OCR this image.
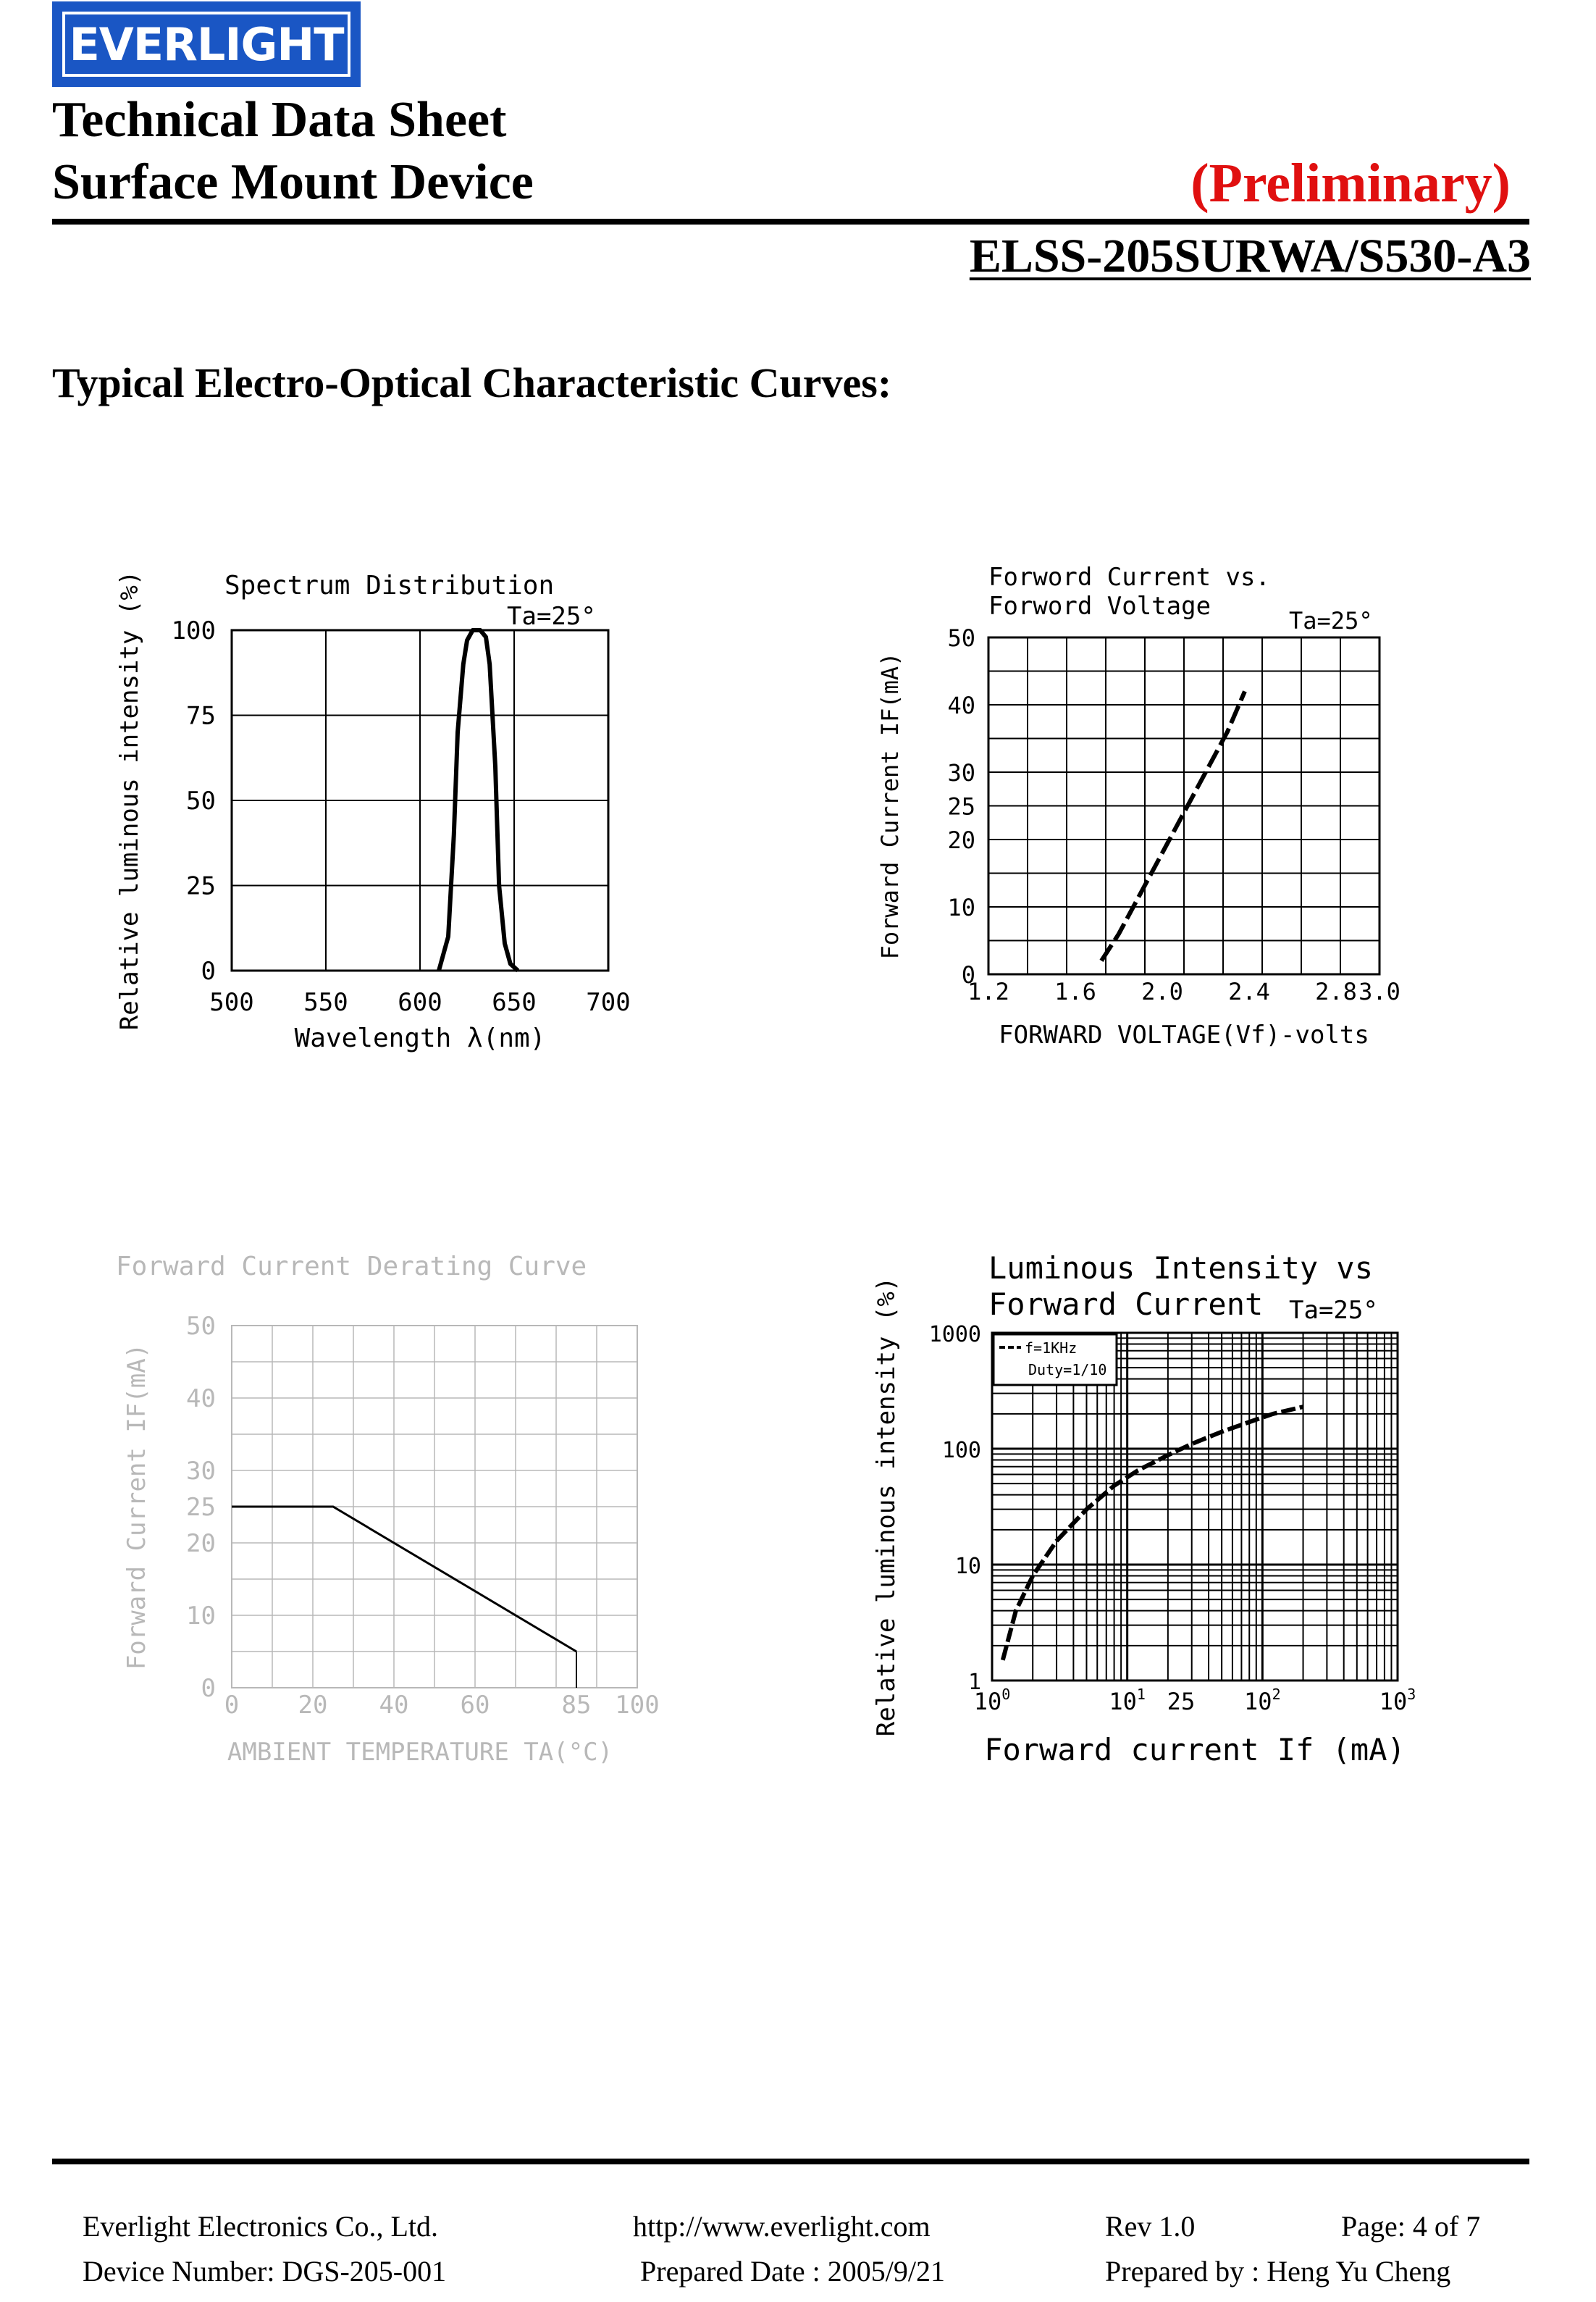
EVERLIGHT
Technical Data Sheet
Surface Mount Device	(Preliminary)
ELSS-205SURWA/S530-A3
Typical Electro-Optical Characteristic Curves:
Spectrum Distribution
Ta=25°
500 550 600 650 700
0
25
50
75
100
Wavelength λ(nm)
Relative luminous intensity (%)	Forword Current vs.
Forword Voltage	Ta=25°
1.2 1.6 2.0 2.4 2.8 3.0
0
10
20
25
30
40
50
FORWARD VOLTAGE(Vf)-volts
Forward Current IF(mA)
Forward Current Derating Curve
0 20 40 60	85 100
0
10
20
25
30
40
50
AMBIENT TEMPERATURE TA(°C)
Forward Current IF(mA)
Luminous Intensity vs
Forward Current Ta=25°
$10^0$	$10^1$ 25 $10^2$	$10^3$
1
10
100
1000
Forward current If (mA)
Relative luminous intensity (%)	f=1KHz
Duty=1/10
Everlight Electronics Co., Ltd.	http://www.everlight.com	Rev 1.0	Page: 4 of 7
Device Number: DGS-205-001	Prepared Date : 2005/9/21	Prepared by : Heng Yu Cheng
